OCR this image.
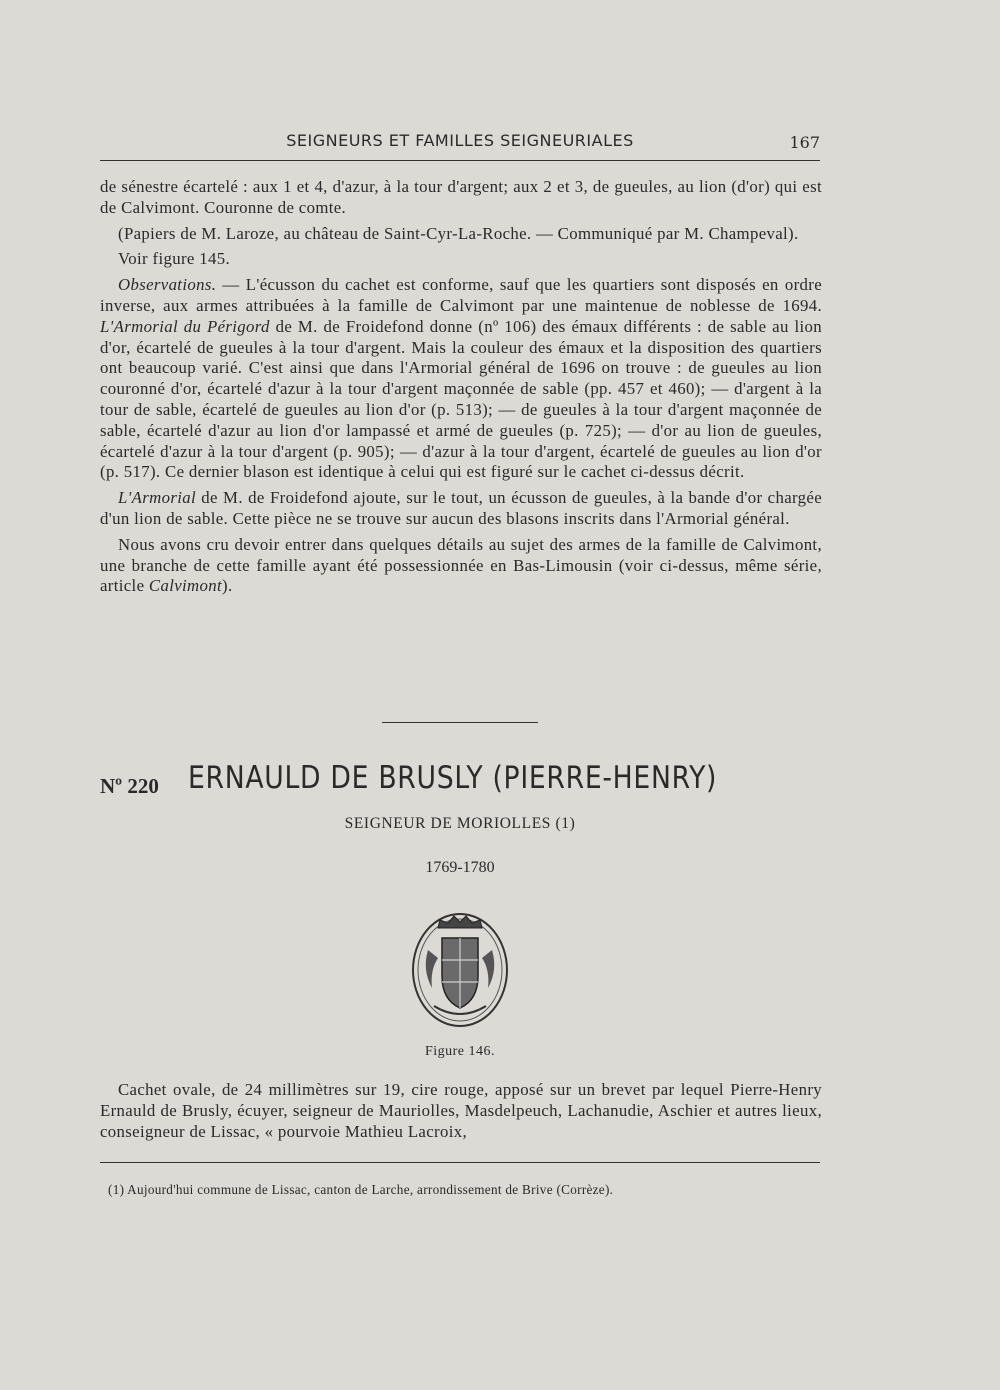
SEIGNEURS ET FAMILLES SEIGNEURIALES	167

de sénestre écartelé : aux 1 et 4, d'azur, à la tour d'argent; aux 2 et 3, de gueules, au lion (d'or) qui est de Calvimont. Couronne de comte.

(Papiers de M. Laroze, au château de Saint-Cyr-La-Roche. — Communiqué par M. Champeval).

Voir figure 145.

Observations. — L'écusson du cachet est conforme, sauf que les quartiers sont disposés en ordre inverse, aux armes attribuées à la famille de Calvimont par une maintenue de noblesse de 1694. L'Armorial du Périgord de M. de Froidefond donne (nº 106) des émaux différents : de sable au lion d'or, écartelé de gueules à la tour d'argent. Mais la couleur des émaux et la disposition des quartiers ont beaucoup varié. C'est ainsi que dans l'Armorial général de 1696 on trouve : de gueules au lion couronné d'or, écartelé d'azur à la tour d'argent maçonnée de sable (pp. 457 et 460); — d'argent à la tour de sable, écartelé de gueules au lion d'or (p. 513); — de gueules à la tour d'argent maçonnée de sable, écartelé d'azur au lion d'or lampassé et armé de gueules (p. 725); — d'or au lion de gueules, écartelé d'azur à la tour d'argent (p. 905); — d'azur à la tour d'argent, écartelé de gueules au lion d'or (p. 517). Ce dernier blason est identique à celui qui est figuré sur le cachet ci-dessus décrit.

L'Armorial de M. de Froidefond ajoute, sur le tout, un écusson de gueules, à la bande d'or chargée d'un lion de sable. Cette pièce ne se trouve sur aucun des blasons inscrits dans l'Armorial général.

Nous avons cru devoir entrer dans quelques détails au sujet des armes de la famille de Calvimont, une branche de cette famille ayant été possessionnée en Bas-Limousin (voir ci-dessus, même série, article Calvimont).

Nº 220 ERNAULD DE BRUSLY (PIERRE-HENRY)
SEIGNEUR DE MORIOLLES (1)
1769-1780
Figure 146.

Cachet ovale, de 24 millimètres sur 19, cire rouge, apposé sur un brevet par lequel Pierre-Henry Ernauld de Brusly, écuyer, seigneur de Mauriolles, Masdelpeuch, Lachanudie, Aschier et autres lieux, conseigneur de Lissac, « pourvoie Mathieu Lacroix,

(1) Aujourd'hui commune de Lissac, canton de Larche, arrondissement de Brive (Corrèze).
